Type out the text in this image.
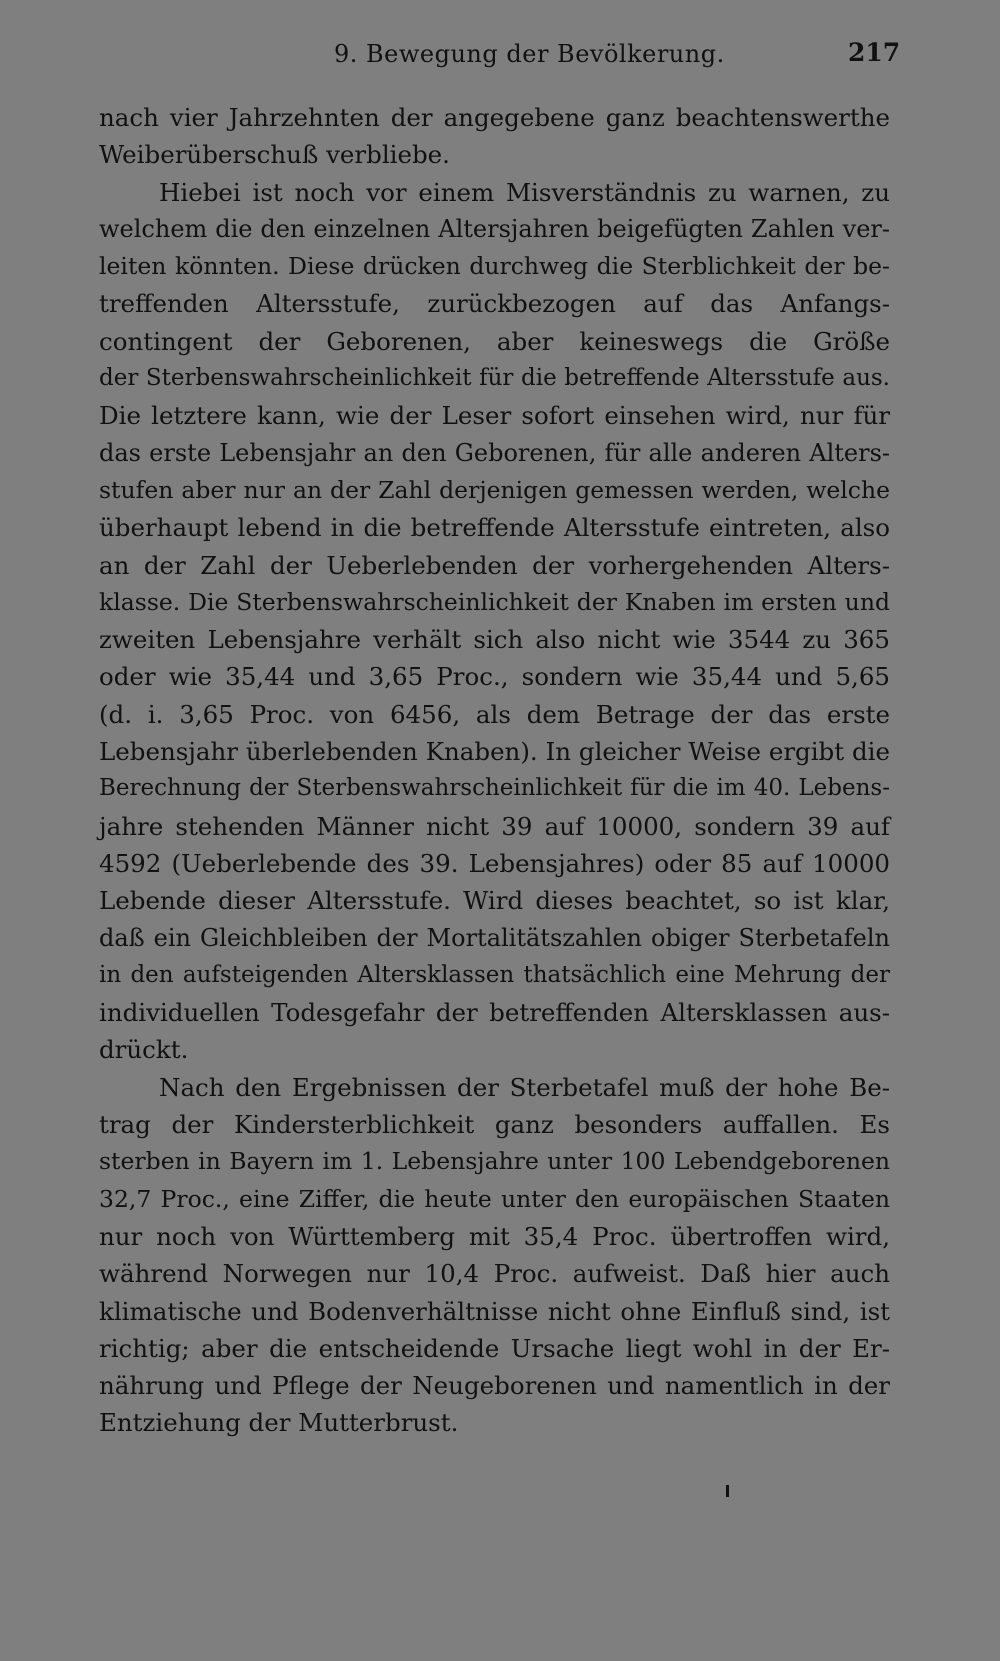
9. Bewegung der Bevölkerung.	217
nach vier Jahrzehnten der angegebene ganz beachtenswerthe
Weiberüberschuß verbliebe.
Hiebei ist noch vor einem Misverständnis zu warnen, zu
welchem die den einzelnen Altersjahren beigefügten Zahlen ver-
leiten könnten. Diese drücken durchweg die Sterblichkeit der be-
treffenden Altersstufe, zurückbezogen auf das Anfangs-
contingent der Geborenen, aber keineswegs die Größe
der Sterbenswahrscheinlichkeit für die betreffende Altersstufe aus.
Die letztere kann, wie der Leser sofort einsehen wird, nur für
das erste Lebensjahr an den Geborenen, für alle anderen Alters-
stufen aber nur an der Zahl derjenigen gemessen werden, welche
überhaupt lebend in die betreffende Altersstufe eintreten, also
an der Zahl der Ueberlebenden der vorhergehenden Alters-
klasse. Die Sterbenswahrscheinlichkeit der Knaben im ersten und
zweiten Lebensjahre verhält sich also nicht wie 3544 zu 365
oder wie 35,44 und 3,65 Proc., sondern wie 35,44 und 5,65
(d. i. 3,65 Proc. von 6456, als dem Betrage der das erste
Lebensjahr überlebenden Knaben). In gleicher Weise ergibt die
Berechnung der Sterbenswahrscheinlichkeit für die im 40. Lebens-
jahre stehenden Männer nicht 39 auf 10000, sondern 39 auf
4592 (Ueberlebende des 39. Lebensjahres) oder 85 auf 10000
Lebende dieser Altersstufe. Wird dieses beachtet, so ist klar,
daß ein Gleichbleiben der Mortalitätszahlen obiger Sterbetafeln
in den aufsteigenden Altersklassen thatsächlich eine Mehrung der
individuellen Todesgefahr der betreffenden Altersklassen aus-
drückt.
Nach den Ergebnissen der Sterbetafel muß der hohe Be-
trag der Kindersterblichkeit ganz besonders auffallen. Es
sterben in Bayern im 1. Lebensjahre unter 100 Lebendgeborenen
32,7 Proc., eine Ziffer, die heute unter den europäischen Staaten
nur noch von Württemberg mit 35,4 Proc. übertroffen wird,
während Norwegen nur 10,4 Proc. aufweist. Daß hier auch
klimatische und Bodenverhältnisse nicht ohne Einfluß sind, ist
richtig; aber die entscheidende Ursache liegt wohl in der Er-
nährung und Pflege der Neugeborenen und namentlich in der
Entziehung der Mutterbrust.
